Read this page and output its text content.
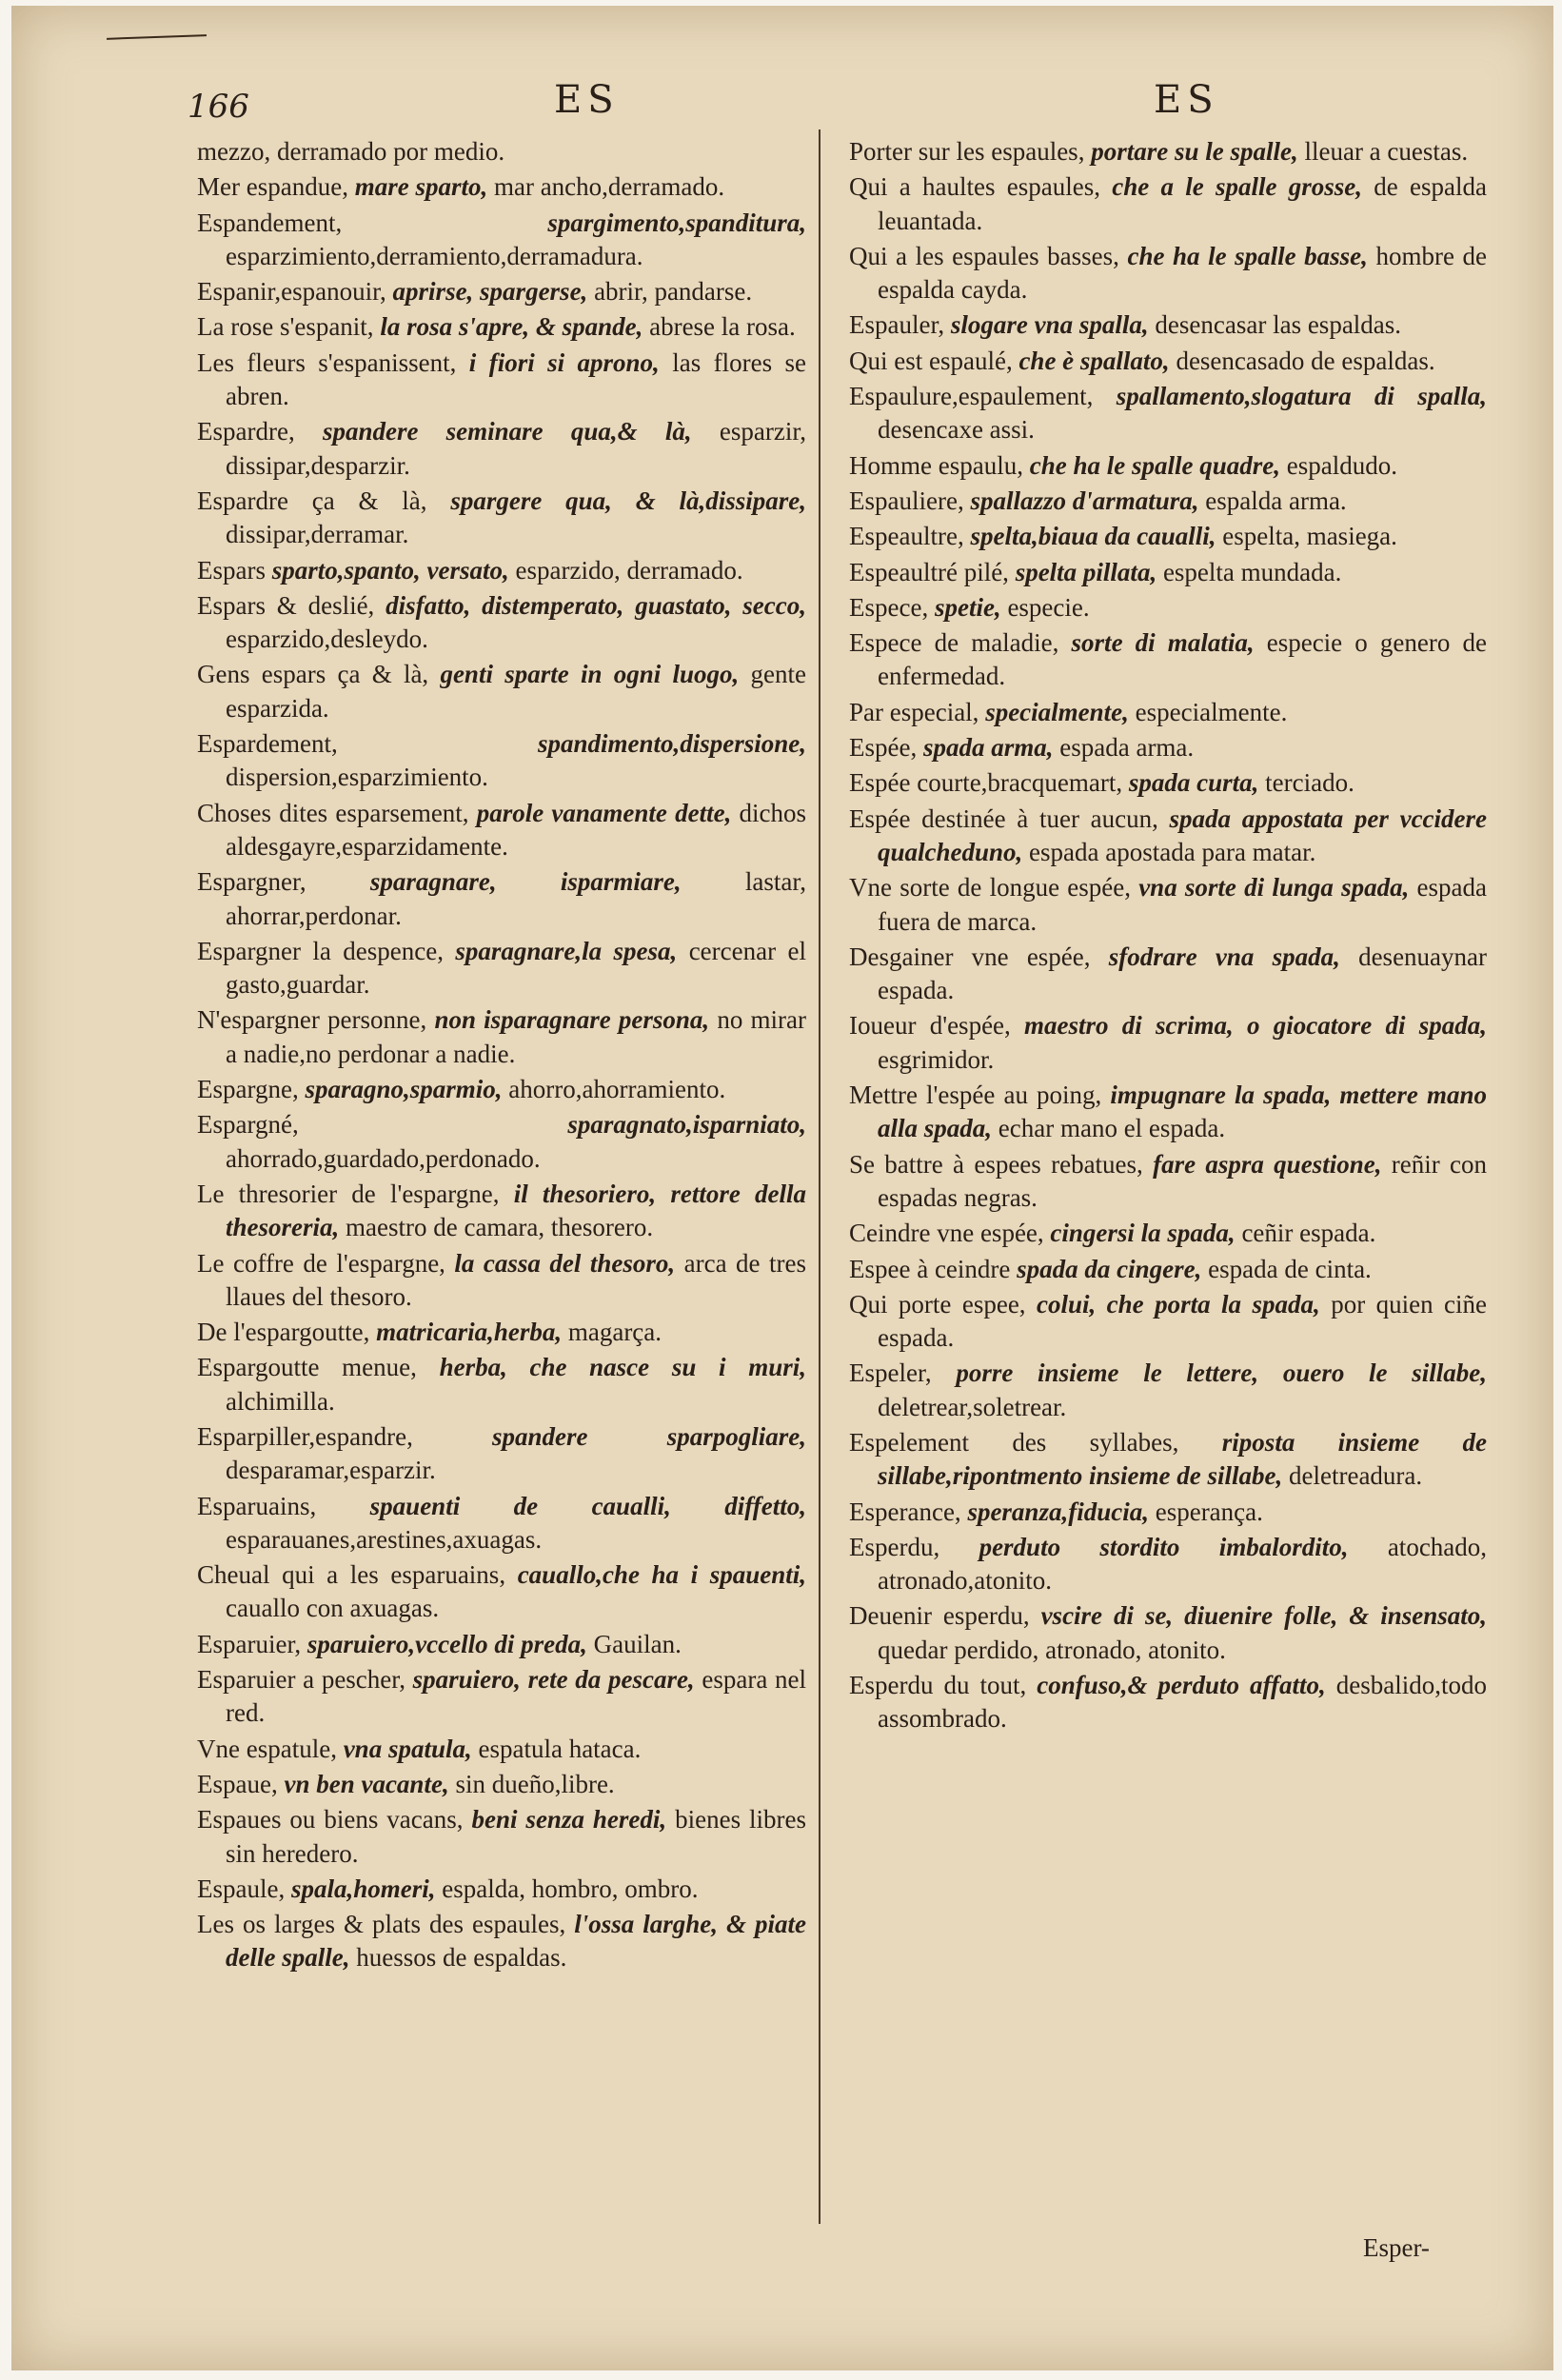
166	ES	ES

mezzo, derramado por medio.

Mer espandue, mare sparto, mar ancho,derramado.

Espandement,	spargimento,spanditura, esparzimiento,derramiento,derramadura.

Espanir,espanouir, aprirse, spargerse, abrir, pandarse.

La rose s'espanit, la rosa s'apre, & spande, abrese la rosa.

Les fleurs s'espanissent, i fiori si aprono, las flores se abren.

Espardre, spandere seminare qua,& là, esparzir, dissipar,desparzir.

Espardre ça & là, spargere qua, & là,dissipare, dissipar,derramar.

Espars sparto,spanto, versato, esparzido, derramado.

Espars & deslié, disfatto, distemperato, guastato, secco, esparzido,desleydo.

Gens espars ça & là, genti sparte in ogni luogo, gente esparzida.

Espardement,	spandimento,dispersione, dispersion,esparzimiento.

Choses dites esparsement, parole vanamente dette, dichos aldesgayre,esparzidamente.

Espargner, sparagnare, isparmiare, lastar, ahorrar,perdonar.

Espargner la despence, sparagnare,la spesa, cercenar el gasto,guardar.

N'espargner personne, non isparagnare persona, no mirar a nadie,no perdonar a nadie.

Espargne, sparagno,sparmio, ahorro,ahorramiento.

Espargné,	sparagnato,isparniato, ahorrado,guardado,perdonado.

Le thresorier de l'espargne, il thesoriero, rettore della thesoreria, maestro de camara, thesorero.

Le coffre de l'espargne, la cassa del thesoro, arca de tres llaues del thesoro.

De l'espargoutte, matricaria,herba, magarça.

Espargoutte menue, herba, che nasce su i muri, alchimilla.

Esparpiller,espandre,	spandere sparpogliare, desparamar,esparzir.

Esparuains, spauenti de caualli, diffetto, esparauanes,arestines,axuagas.

Cheual qui a les esparuains, cauallo,che ha i spauenti, cauallo con axuagas.

Esparuier, sparuiero,vccello di preda, Gauilan.

Esparuier a pescher, sparuiero, rete da pescare, espara nel red.

Vne espatule, vna spatula, espatula hataca.

Espaue, vn ben vacante, sin dueño,libre.

Espaues ou biens vacans, beni senza heredi, bienes libres sin heredero.

Espaule, spala,homeri, espalda, hombro, ombro.

Les os larges & plats des espaules, l'ossa larghe, & piate delle spalle, huessos de espaldas.

Porter sur les espaules, portare su le spalle, lleuar a cuestas.

Qui a haultes espaules, che a le spalle grosse, de espalda leuantada.

Qui a les espaules basses, che ha le spalle basse, hombre de espalda cayda.

Espauler, slogare vna spalla, desencasar las espaldas.

Qui est espaulé, che è spallato, desencasado de espaldas.

Espaulure,espaulement, spallamento,slogatura di spalla, desencaxe assi.

Homme espaulu, che ha le spalle quadre, espaldudo.

Espauliere, spallazzo d'armatura, espalda arma.

Espeaultre, spelta,biaua da caualli, espelta, masiega.

Espeaultré pilé, spelta pillata, espelta mundada.

Espece, spetie, especie.

Espece de maladie, sorte di malatia, especie o genero de enfermedad.

Par especial, specialmente, especialmente.

Espée, spada arma, espada arma.

Espée courte,bracquemart, spada curta, terciado.

Espée destinée à tuer aucun, spada appostata per vccidere qualcheduno, espada apostada para matar.

Vne sorte de longue espée, vna sorte di lunga spada, espada fuera de marca.

Desgainer vne espée, sfodrare vna spada, desenuaynar espada.

Ioueur d'espée, maestro di scrima, o giocatore di spada, esgrimidor.

Mettre l'espée au poing, impugnare la spada, mettere mano alla spada, echar mano el espada.

Se battre à espees rebatues, fare aspra questione, reñir con espadas negras.

Ceindre vne espée, cingersi la spada, ceñir espada.

Espee à ceindre spada da cingere, espada de cinta.

Qui porte espee, colui, che porta la spada, por quien ciñe espada.

Espeler, porre insieme le lettere, ouero le sillabe, deletrear,soletrear.

Espelement des syllabes, riposta insieme de sillabe,ripontmento insieme de sillabe, deletreadura.

Esperance, speranza,fiducia, esperança.

Esperdu, perduto stordito imbalordito, atochado, atronado,atonito.

Deuenir esperdu, vscire di se, diuenire folle, & insensato, quedar perdido, atronado, atonito.

Esperdu du tout, confuso,& perduto affatto, desbalido,todo assombrado.

Esper-
